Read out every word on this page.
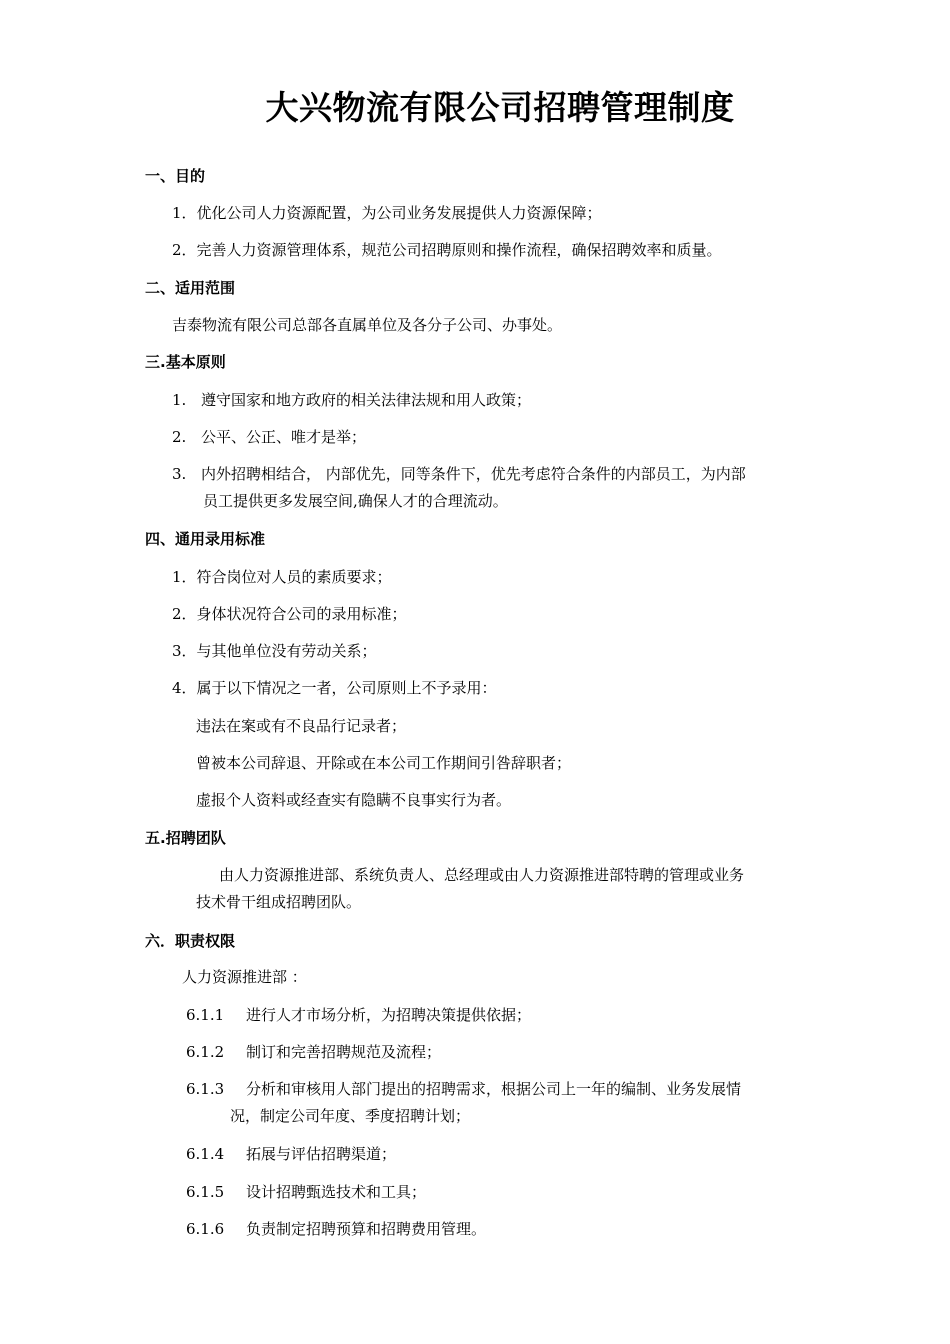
大兴物流有限公司招聘管理制度
一、目的
1．优化公司人力资源配置，为公司业务发展提供人力资源保障；
2．完善人力资源管理体系，规范公司招聘原则和操作流程，确保招聘效率和质量。
二、适用范围
吉泰物流有限公司总部各直属单位及各分子公司、办事处。
三.基本原则
1. 遵守国家和地方政府的相关法律法规和用人政策；
2. 公平、公正、唯才是举；
3. 内外招聘相结合， 内部优先，同等条件下，优先考虑符合条件的内部员工，为内部
员工提供更多发展空间,确保人才的合理流动。
四、通用录用标准
1．符合岗位对人员的素质要求；
2．身体状况符合公司的录用标准；
3．与其他单位没有劳动关系；
4．属于以下情况之一者，公司原则上不予录用：
违法在案或有不良品行记录者；
曾被本公司辞退、开除或在本公司工作期间引咎辞职者；
虚报个人资料或经查实有隐瞒不良事实行为者。
五.招聘团队
由人力资源推进部、系统负责人、总经理或由人力资源推进部特聘的管理或业务
技术骨干组成招聘团队。
六．职责权限
人力资源推进部 ：
6.1.1 进行人才市场分析，为招聘决策提供依据；
6.1.2 制订和完善招聘规范及流程；
6.1.3 分析和审核用人部门提出的招聘需求，根据公司上一年的编制、业务发展情
况，制定公司年度、季度招聘计划；
6.1.4 拓展与评估招聘渠道；
6.1.5 设计招聘甄选技术和工具；
6.1.6 负责制定招聘预算和招聘费用管理。
